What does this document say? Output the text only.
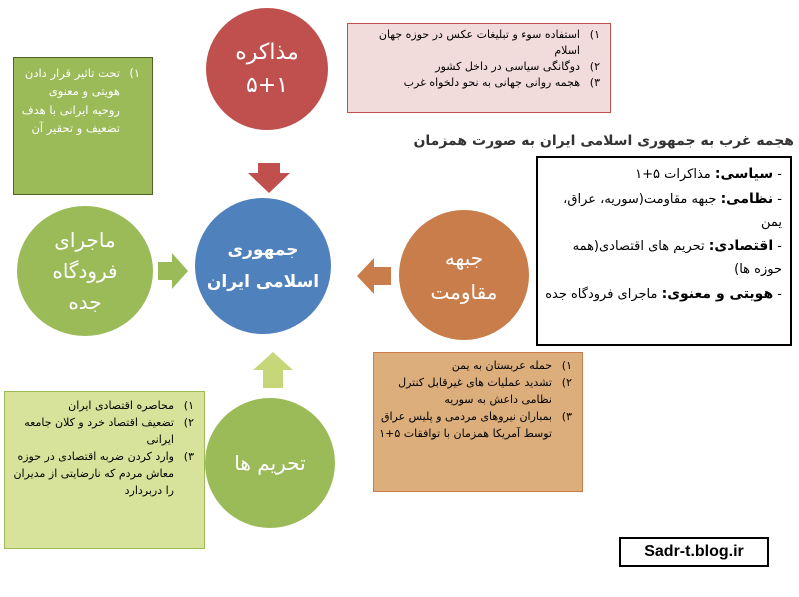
مذاکره
۵+۱
جمهوری
اسلامی ایران
ماجرای
فرودگاه
جده
جبهه
مقاومت
تحریم ها
۱)
استفاده سوء و تبلیغات عکس در حوزه جهان اسلام
۲)
دوگانگی سیاسی در داخل کشور
۳)
هجمه روانی جهانی به نحو دلخواه غرب
۱)
تحت تاثیر قرار دادن هویتی و معنوی روحیه ایرانی با هدف تضعیف و تحقیر آن
هجمه غرب به جمهوری اسلامی ایران به صورت همزمان
- سیاسی: مذاکرات ۵+۱
- نظامی: جبهه مقاومت(سوریه، عراق، یمن
- اقتصادی: تحریم های اقتصادی(همه حوزه ها)
- هویتی و معنوی: ماجرای فرودگاه جده
۱)
حمله عربستان به یمن
۲)
تشدید عملیات های غیرقابل کنترل نظامی داعش به سوریه
۳)
بمباران نیروهای مردمی و پلیس عراق توسط آمریکا همزمان با توافقات ۵+۱
۱)
محاصره اقتصادی ایران
۲)
تضعیف اقتصاد خرد و کلان جامعه ایرانی
۳)
وارد کردن ضربه اقتصادی در حوزه معاش مردم که نارضایتی از مدیران را دربردارد
Sadr-t.blog.ir
